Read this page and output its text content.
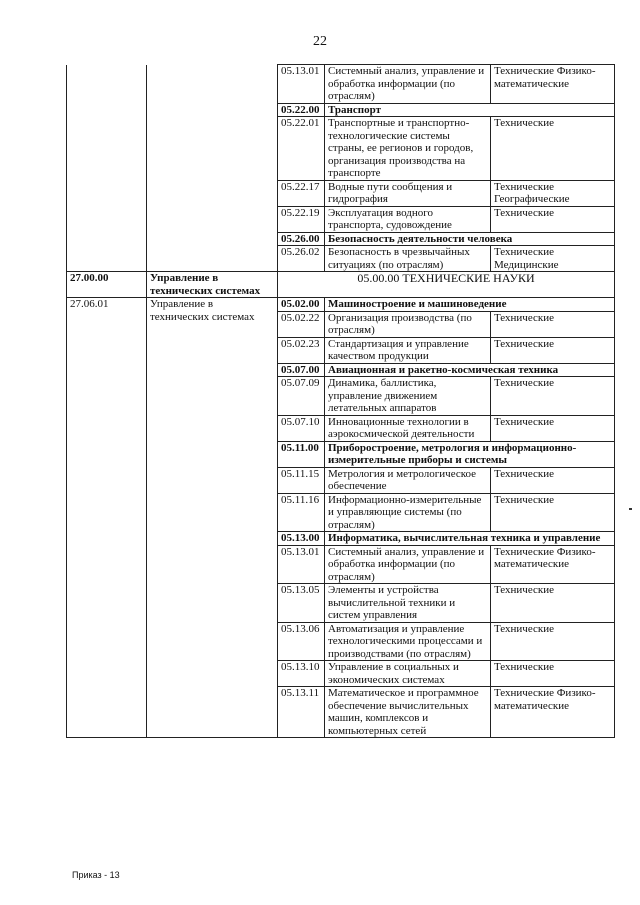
22
		05.13.01	Системный анализ, управление и обработка информации (по отраслям)	Технические Физико-математические
		05.22.00	Транспорт	
		05.22.01	Транспортные и транспортно-технологические системы страны, ее регионов и городов, организация производства на транспорте	Технические
		05.22.17	Водные пути сообщения и гидрография	Технические Географические
		05.22.19	Эксплуатация водного транспорта, судовождение	Технические
		05.26.00	Безопасность деятельности человека	
		05.26.02	Безопасность в чрезвычайных ситуациях (по отраслям)	Технические Медицинские
27.00.00	Управление в технических системах	05.00.00 ТЕХНИЧЕСКИЕ НАУКИ		
27.06.01	Управление в технических системах	05.02.00	Машиностроение и машиноведение	
		05.02.22	Организация производства (по отраслям)	Технические
		05.02.23	Стандартизация и управление качеством продукции	Технические
		05.07.00	Авиационная и ракетно-космическая техника	
		05.07.09	Динамика, баллистика, управление движением летательных аппаратов	Технические
		05.07.10	Инновационные технологии в аэрокосмической деятельности	Технические
		05.11.00	Приборостроение, метрология и информационно-измерительные приборы и системы	
		05.11.15	Метрология и метрологическое обеспечение	Технические
		05.11.16	Информационно-измерительные и управляющие системы (по отраслям)	Технические
		05.13.00	Информатика, вычислительная техника и управление	
		05.13.01	Системный анализ, управление и обработка информации (по отраслям)	Технические Физико-математические
		05.13.05	Элементы и устройства вычислительной техники и систем управления	Технические
		05.13.06	Автоматизация и управление технологическими процессами и производствами (по отраслям)	Технические
		05.13.10	Управление в социальных и экономических системах	Технические
		05.13.11	Математическое и программное обеспечение вычислительных машин, комплексов и компьютерных сетей	Технические Физико-математические
Приказ - 13
